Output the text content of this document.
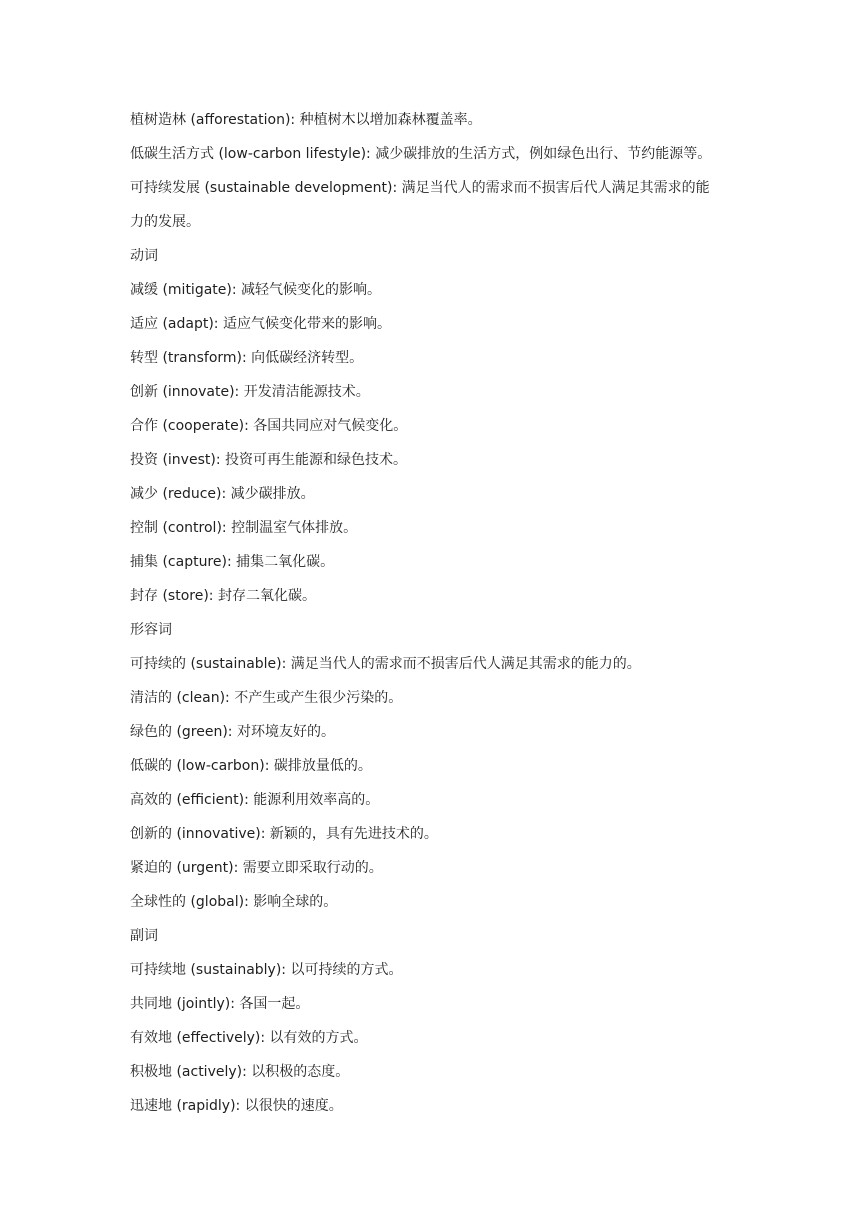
植树造林 (afforestation): 种植树木以增加森林覆盖率。
低碳生活方式 (low-carbon lifestyle): 减少碳排放的生活方式，例如绿色出行、节约能源等。
可持续发展 (sustainable development): 满足当代人的需求而不损害后代人满足其需求的能
力的发展。
动词
减缓 (mitigate): 减轻气候变化的影响。
适应 (adapt): 适应气候变化带来的影响。
转型 (transform): 向低碳经济转型。
创新 (innovate): 开发清洁能源技术。
合作 (cooperate): 各国共同应对气候变化。
投资 (invest): 投资可再生能源和绿色技术。
减少 (reduce): 减少碳排放。
控制 (control): 控制温室气体排放。
捕集 (capture): 捕集二氧化碳。
封存 (store): 封存二氧化碳。
形容词
可持续的 (sustainable): 满足当代人的需求而不损害后代人满足其需求的能力的。
清洁的 (clean): 不产生或产生很少污染的。
绿色的 (green): 对环境友好的。
低碳的 (low-carbon): 碳排放量低的。
高效的 (efficient): 能源利用效率高的。
创新的 (innovative): 新颖的，具有先进技术的。
紧迫的 (urgent): 需要立即采取行动的。
全球性的 (global): 影响全球的。
副词
可持续地 (sustainably): 以可持续的方式。
共同地 (jointly): 各国一起。
有效地 (effectively): 以有效的方式。
积极地 (actively): 以积极的态度。
迅速地 (rapidly): 以很快的速度。
